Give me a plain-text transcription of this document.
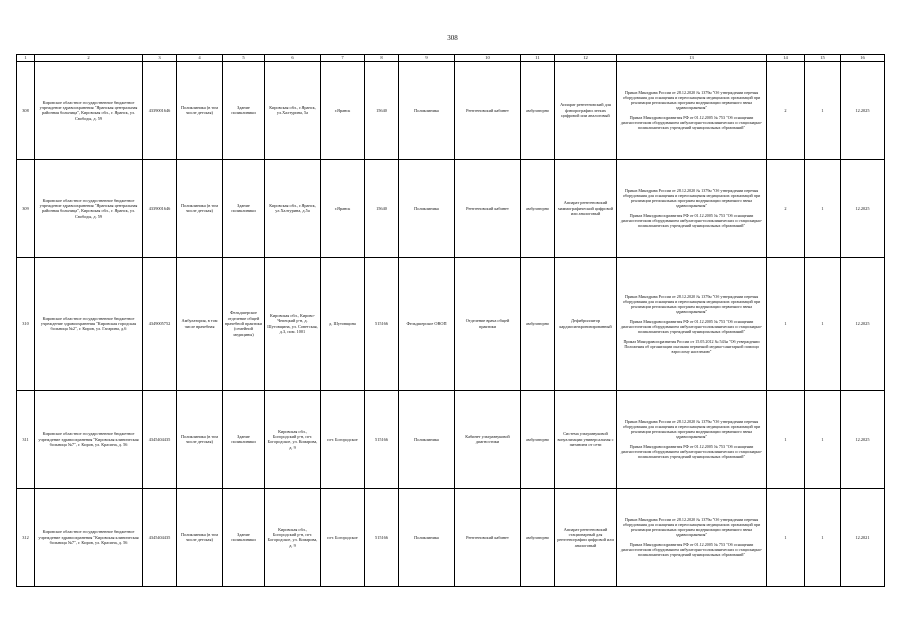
308
1	2	3	4	5	6	7	8	9	10	11	12	13	14	15	16
308	Кировское областное государственное бюджетное учреждение здравоохранения "Яранская центральная районная больница", Кировская обл., г. Яранск, ул. Свободы, д. 59	4339001646	Поликлиника (в том числе детская)	Здание поликлиники	Кировская обл., г.Яранск, ул.Халтурина, 5а	г.Яранск	15640	Поликлиника	Рентгеновский кабинет	амбулаторно	Аппарат рентгеновский для флюорографии легких цифровой или аналоговый	Приказ Минздрава России от 28.12.2020 № 1379н "Об утверждении перечня оборудования для оснащения и переоснащения медицинских организаций при реализации региональных программ модернизации первичного звена здравоохранения"
Приказ Минздравсоцразвития РФ от 01.12.2005 № 753 "Об оснащении диагностическим оборудованием амбулаторно-поликлинических и стационарно-поликлинических учреждений муниципальных образований"	2	1	12.2025
309	Кировское областное государственное бюджетное учреждение здравоохранения "Яранская центральная районная больница", Кировская обл., г. Яранск, ул. Свободы, д. 59	4339001646	Поликлиника (в том числе детская)	Здание поликлиники	Кировская обл., г.Яранск, ул.Халтурина, д.5а	г.Яранск	15640	Поликлиника	Рентгеновский кабинет	амбулаторно	Аппарат рентгеновский маммографический цифровой или аналоговый	Приказ Минздрава России от 28.12.2020 № 1379н "Об утверждении перечня оборудования для оснащения и переоснащения медицинских организаций при реализации региональных программ модернизации первичного звена здравоохранения"
Приказ Минздравсоцразвития РФ от 01.12.2005 № 753 "Об оснащении диагностическим оборудованием амбулаторно-поликлинических и стационарно-поликлинических учреждений муниципальных образований"	2	1	12.2025
310	Кировское областное государственное бюджетное учреждение здравоохранения "Кировская городская больница №2", г. Киров, ул. Гагарина, д.6	4349005752	Амбулатория, в том числе врачебная	Фельдшерское отделение общей врачебной практики (семейной медицины)	Кировская обл., Кирово-Чепецкий р-н, д. Шутовщина, ул. Советская, д.3, пом. 1001	д. Шутовщина	515166	Фельдшерское ОВОП	Отделение врача общей практики	амбулаторно	Дефибриллятор кардиосинхронизированный	Приказ Минздрава России от 28.12.2020 № 1379н "Об утверждении перечня оборудования для оснащения и переоснащения медицинских организаций при реализации региональных программ модернизации первичного звена здравоохранения"
Приказ Минздравсоцразвития РФ от 01.12.2005 № 753 "Об оснащении диагностическим оборудованием амбулаторно-поликлинических и стационарно-поликлинических учреждений муниципальных образований"
Приказ Минздравсоцразвития России от 15.05.2012 № 543н "Об утверждении Положения об организации оказания первичной медико-санитарной помощи взрослому населению"	1	1	12.2025
311	Кировское областное государственное бюджетное учреждение здравоохранения "Кировская клиническая больница №7", г. Киров, ул. Красина, д. 56	4345404435	Поликлиника (в том числе детская)	Здание поликлиники	Кировская обл., Богородский р-н, пгт. Богородское, ул. Комарова, д. 9	пгт. Богородское	515166	Поликлиника	Кабинет ультразвуковой диагностики	амбулаторно	Система ультразвуковой визуализации универсальная с питанием от сети	Приказ Минздрава России от 28.12.2020 № 1379н "Об утверждении перечня оборудования для оснащения и переоснащения медицинских организаций при реализации региональных программ модернизации первичного звена здравоохранения"
Приказ Минздравсоцразвития РФ от 01.12.2005 № 753 "Об оснащении диагностическим оборудованием амбулаторно-поликлинических и стационарно-поликлинических учреждений муниципальных образований"	1	1	12.2025
312	Кировское областное государственное бюджетное учреждение здравоохранения "Кировская клиническая больница №7", г. Киров, ул. Красина, д. 56	4345404435	Поликлиника (в том числе детская)	Здание поликлиники	Кировская обл., Богородский р-н, пгт. Богородское, ул. Комарова, д. 9	пгт. Богородское	515166	Поликлиника	Рентгеновский кабинет	амбулаторно	Аппарат рентгеновский стационарный для рентгенографии цифровой или аналоговый	Приказ Минздрава России от 28.12.2020 № 1379н "Об утверждении перечня оборудования для оснащения и переоснащения медицинских организаций при реализации региональных программ модернизации первичного звена здравоохранения"
Приказ Минздравсоцразвития РФ от 01.12.2005 № 753 "Об оснащении диагностическим оборудованием амбулаторно-поликлинических и стационарно-поликлинических учреждений муниципальных образований"	1	1	12.2021
